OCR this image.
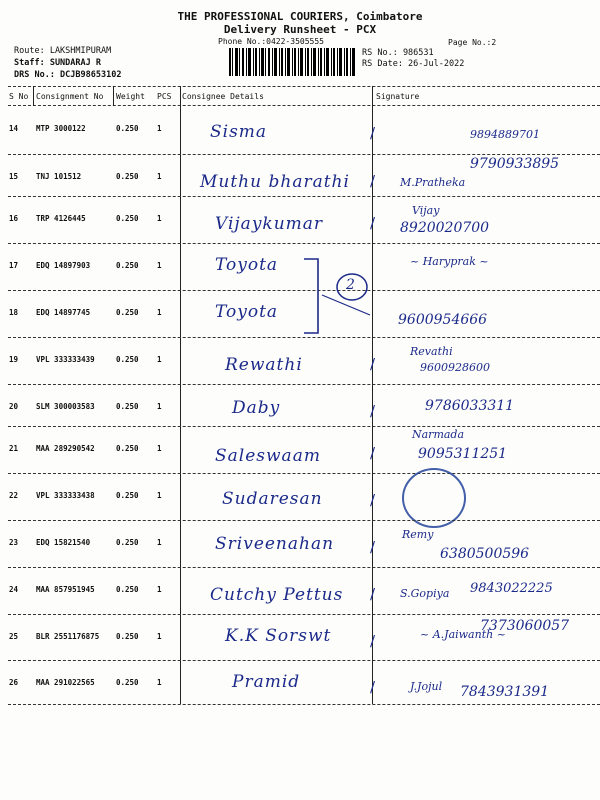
THE PROFESSIONAL COURIERS, Coimbatore
Delivery Runsheet - PCX
Phone No.:0422-3505555	Page No.:2
Route: LAKSHMIPURAM
Staff: SUNDARAJ R
DRS No.: DCJB98653102
RS No.: 986531
RS Date: 26-Jul-2022
S No Consignment No Weight PCS Consignee Details	Signature
14 MTP 3000122	0.250 1	Sisma	/	9894889701
15 TNJ 101512	0.250 1 Muthu bharathi / M.Pratheka
9790933895
16 TRP 4126445	0.250 1	Vijaykumar	/
Vijay
8920020700
17 EDQ 14897903	0.250 1	Toyota	~ Haryprak ~
18 EDQ 14897745	0.250 1	Toyota	9600954666
2
19 VPL 333333439	0.250 1	Rewathi	/
Revathi
9600928600
20 SLM 300003583	0.250 1	Daby	/	9786033311
21 MAA 289290542	0.250 1	Saleswaam	/
Narmada
9095311251
22 VPL 333333438	0.250 1	Sudaresan	/
23 EDQ 15821540	0.250 1	Sriveenahan /
Remy
6380500596
24 MAA 857951945	0.250 1	Cutchy Pettus / S.Gopiya 9843022225
25 BLR 2551176875 0.250 1	K.K Sorswt	/	~ A.Jaiwanth ~
7373060057
26 MAA 291022565	0.250 1	Pramid	/	J.Jojul 7843931391
